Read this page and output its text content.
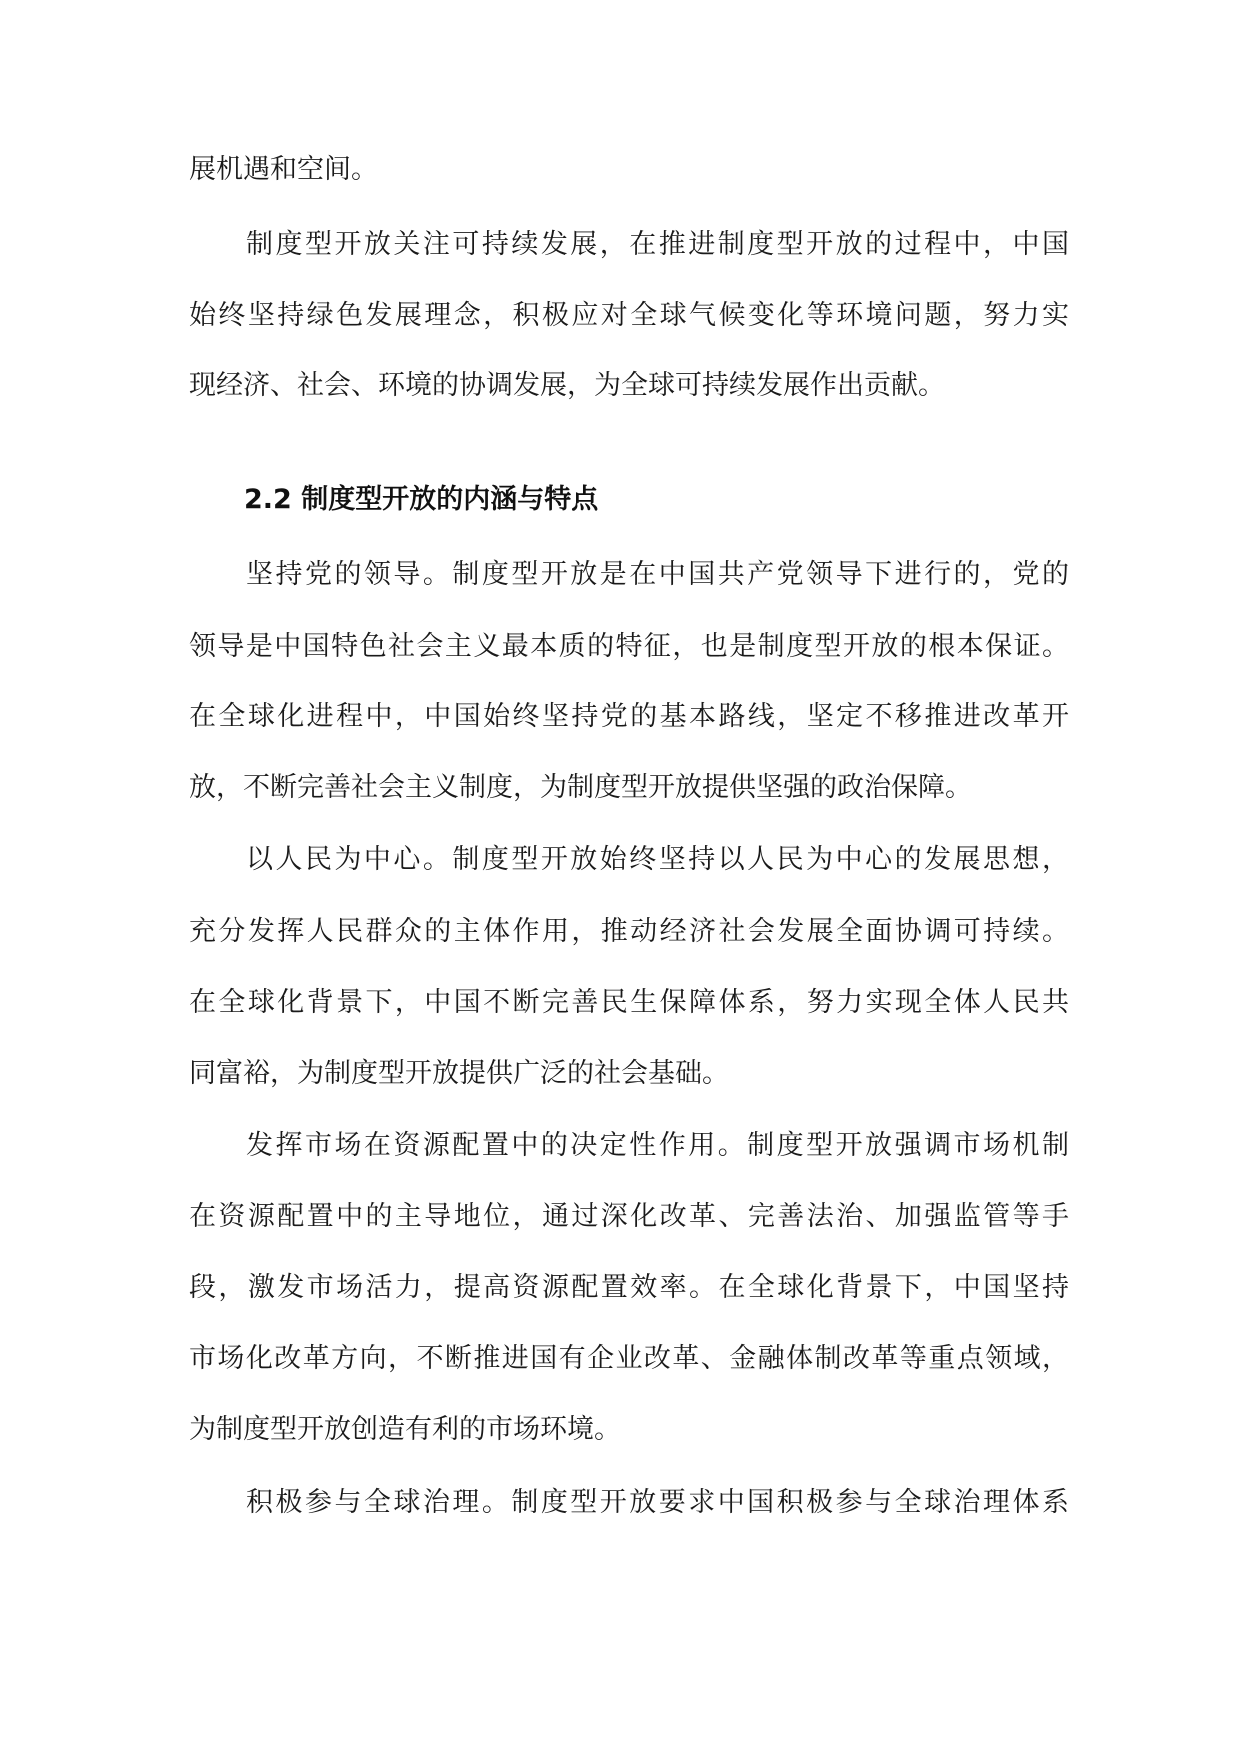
展机遇和空间。
制度型开放关注可持续发展，在推进制度型开放的过程中，中国
始终坚持绿色发展理念，积极应对全球气候变化等环境问题，努力实
现经济、社会、环境的协调发展，为全球可持续发展作出贡献。
2.2 制度型开放的内涵与特点
坚持党的领导。制度型开放是在中国共产党领导下进行的，党的
领导是中国特色社会主义最本质的特征，也是制度型开放的根本保证。
在全球化进程中，中国始终坚持党的基本路线，坚定不移推进改革开
放，不断完善社会主义制度，为制度型开放提供坚强的政治保障。
以人民为中心。制度型开放始终坚持以人民为中心的发展思想，
充分发挥人民群众的主体作用，推动经济社会发展全面协调可持续。
在全球化背景下，中国不断完善民生保障体系，努力实现全体人民共
同富裕，为制度型开放提供广泛的社会基础。
发挥市场在资源配置中的决定性作用。制度型开放强调市场机制
在资源配置中的主导地位，通过深化改革、完善法治、加强监管等手
段，激发市场活力，提高资源配置效率。在全球化背景下，中国坚持
市场化改革方向，不断推进国有企业改革、金融体制改革等重点领域，
为制度型开放创造有利的市场环境。
积极参与全球治理。制度型开放要求中国积极参与全球治理体系
